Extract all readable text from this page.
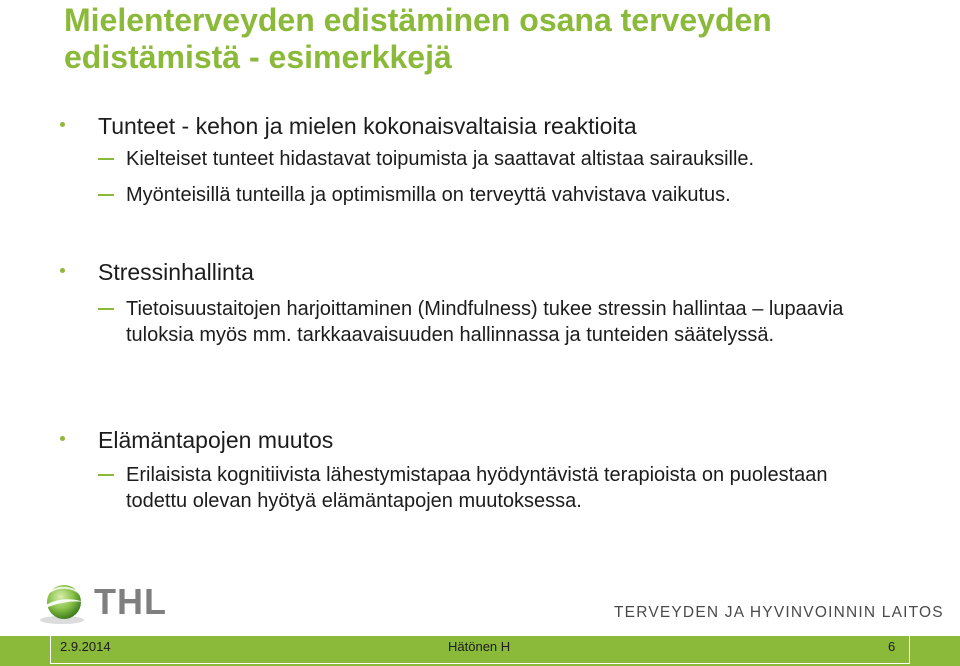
Mielenterveyden edistäminen osana terveyden edistämistä - esimerkkejä
Tunteet - kehon ja mielen kokonaisvaltaisia reaktioita
Kielteiset tunteet hidastavat toipumista ja saattavat altistaa sairauksille.
Myönteisillä tunteilla ja optimismilla on terveyttä vahvistava vaikutus.
Stressinhallinta
Tietoisuustaitojen harjoittaminen (Mindfulness) tukee stressin hallintaa – lupaavia tuloksia myös mm. tarkkaavaisuuden hallinnassa ja tunteiden säätelyssä.
Elämäntapojen muutos
Erilaisista kognitiivista lähestymistapaa hyödyntävistä terapioista on puolestaan todettu olevan hyötyä elämäntapojen muutoksessa.
THL	TERVEYDEN JA HYVINVOINNIN LAITOS
2.9.2014	Hätönen H	6
